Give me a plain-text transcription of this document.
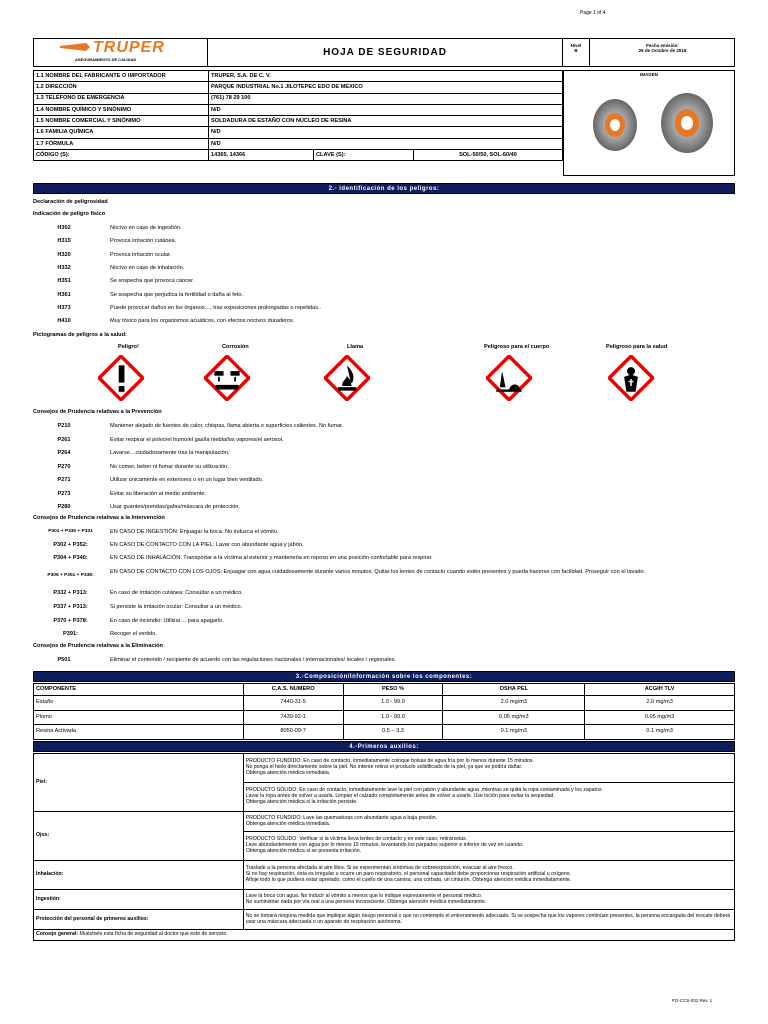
Page 1 of 4
TRUPER
ASEGURAMIENTO DE CALIDAD
HOJA DE SEGURIDAD
Nivel
B
Fecha emisión:
26 de Octubre de 2018
1.1 NOMBRE DEL FABRICANTE O IMPORTADOR	TRUPER, S.A. DE C. V.		
1.2 DIRECCIÓN	PARQUE INDUSTRIAL No.1 JILOTEPEC EDO DE MEXICO		
1.3 TELÉFONO DE EMERGENCIA	(761) 78 29 100		
1.4 NOMBRE QUÍMICO Y SINÓNIMO	N/D		
1.5 NOMBRE COMERCIAL Y SINÓNIMO	SOLDADURA DE ESTAÑO CON NÚCLEO DE RESINA		
1.6 FAMILIA QUÍMICA	N/D		
1.7 FÓRMULA	N/D		
CÓDIGO (S):	14365, 14366	CLAVE (S):	SOL-50/50, SOL-60/40
IMAGEN
2.- Identificación de los peligros:
Declaración de peligrosidad
Indicación de peligro físico
H302	Nocivo en caso de ingestión.
H315	Provoca irritación cutánea.
H320	Provoca irritación ocular.
H332	Nocivo en caso de inhalación.
H351	Se sospecha que provoca cáncer.
H361	Se sospecha que perjudica la fertilidad o daña al feto.
H373	Puede provocar daños en los órganos…, tras exposiciones prolongadas o repetidas..
H410	Muy tóxico para los organismos acuáticos, con efectos nocivos duraderos.
Pictogramas de peligros a la salud:
Peligro!	Corrosión	Llama	Peligroso para el cuerpo	Peligroso para la salud
Consejos de Prudencia relativas a la Prevención
P210	Mantener alejado de fuentes de calor, chispas, llama abierta o superficies calientes. No fumar.
P261	Evitar respirar el polvo/el humo/el gas/la niebla/los vapores/el aerosol.
P264	Lavarse…cuidadosamente tras la manipulación.
P270	No comer, beber ni fumar durante su utilización.
P271	Utilizar únicamente en exteriores o en un lugar bien ventilado.
P273	Evitar su liberación al medio ambiente.
P280	Usar guantes/prendas/gafas/máscara de protección.
Consejos de Prudencia relativas a la Intervención
P301 + P330 + P331	EN CASO DE INGESTIÓN: Enjuagar la boca. No induzca el vómito.
P302 + P352:	EN CASO DE CONTACTO CON LA PIEL: Lavar con abundante agua y jabón.
P304 + P340:	EN CASO DE INHALACIÓN: Transportar a la víctima al exterior y mantenerla en reposo en una posición confortable para respirar.
P305 + P351 + P338:
EN CASO DE CONTACTO CON LOS OJOS: Enjuagar con agua cuidadosamente durante varios minutos. Quitar los lentes de contacto cuando estén presentes y pueda hacerse con facilidad. Proseguir con el lavado.
P332 + P313:	En caso de irritación cutánea: Consultar a un médico.
P337 + P313:	Si persiste la irritación ocular: Consultar a un médico.
P370 + P378:	En caso de incendio: Utilizar… para apagarlo.
P391:	Recoger el vertido.
Consejos de Prudencia relativas a la Eliminación
P501	Eliminar el contenido / recipiente de acuerdo con las regulaciones nacionales / internacionales/ locales / regionales.
3.-Composición/Información sobre los componentes:
COMPONENTE	C.A.S. NUMERO	PESO %	OSHA PEL	ACGIH TLV
Estaño	7440-31-5	1.0 - 99.0	2.0 mg/m3	2.0 mg/m3
Plomo	7439-92-1	1.0 - 99.0	0.05 mg/m3	0.05 mg/m3
Resina Activada	8050-09-7	0.5 – 3.3	0.1 mg/m3	0.1 mg/m3
4.-Primeros auxilios:
Piel:	PRODUCTO FUNDIDO: En caso de contacto, inmediatamente coloque bolsas de agua fría por lo menos durante 15 minutos.
No ponga el hielo directamente sobre la piel. No intente retirar el producto solidificado de la piel, ya que se podría dañar.
Obtenga atención médica inmediata.
	PRODUCTO SÓLIDO: En caso de contacto, inmediatamente lave la piel con jabón y abundante agua ,mientras se quita la ropa contaminada y los zapatos.
Lavar la ropa antes de volver a usarla. Limpiar el calzado completamente antes de volver a usarlo. Use loción para evitar la sequedad.
Obtenga atención médica si la irritación persiste.
Ojos:	PRODUCTO FUNDIDO: Lave las quemaduras con abundante agua a baja presión.
Obtenga atención médica inmediata.
	PRODUCTO SÓLIDO: Verificar si la víctima lleva lentes de contacto y en este caso, retirárselas.
Lave abundantemente con agua por lo menos 15 minutos, levantando los párpados superior e inferior de vez en cuando.
Obtenga atención médica si se presenta irritación.
Inhalación:	Traslade a la persona afectada al aire libre. Si se experimentan síntomas de sobreexposición, evacuar al aire fresco.
Si no hay respiración, ésta es irregular u ocurre un paro respiratorio, el personal capacitado debe proporcionar respiración artificial u oxígeno.
Afloje todo lo que pudiera estar apretado, como el cuello de una camisa, una corbata, un cinturón. Obtenga atención médica inmediatamente.
Ingestión:	Lave la boca con agua. No inducir al vómito a menos que lo indique expresamente el personal médico.
No suministrar nada por vía oral a una persona inconsciente. Obtenga atención médica inmediatamente.
Protección del personal de primeros auxilios:	No se tomará ninguna medida que implique algún riesgo personal o que no contemple el entrenamiento adecuado. Si se sospecha que los vapores continúan presentes, la persona encargada del rescate deberá usar una máscara adecuada o un aparato de respiración autónoma.
Consejo general: Muéstrele esta ficha de seguridad al doctor que esté de servicio.	
FO-CCS-031 Rev. 1
